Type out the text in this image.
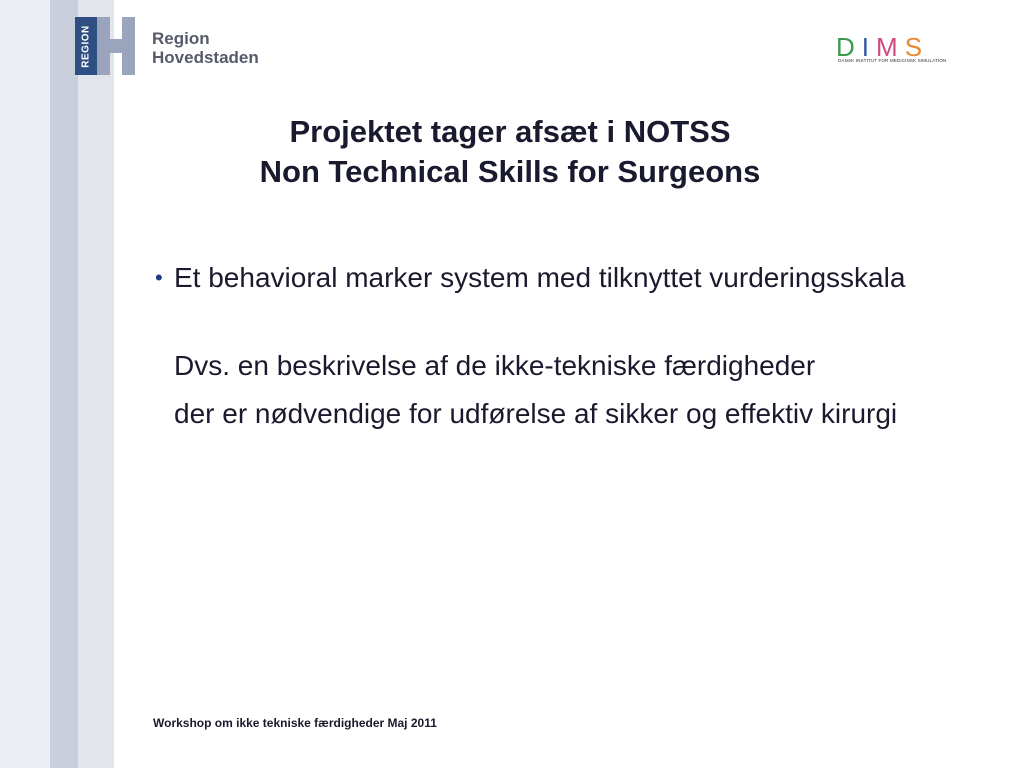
REGION	Region
Hovedstaden	DIMS
DANSK INSTITUT FOR MEDICINSK SIMULATION
Projektet tager afsæt i NOTSS
Non Technical Skills for Surgeons
• Et behavioral marker system med tilknyttet vurderingsskala
Dvs. en beskrivelse af de ikke-tekniske færdigheder
der er nødvendige for udførelse af sikker og effektiv kirurgi
Workshop om ikke tekniske færdigheder Maj 2011
